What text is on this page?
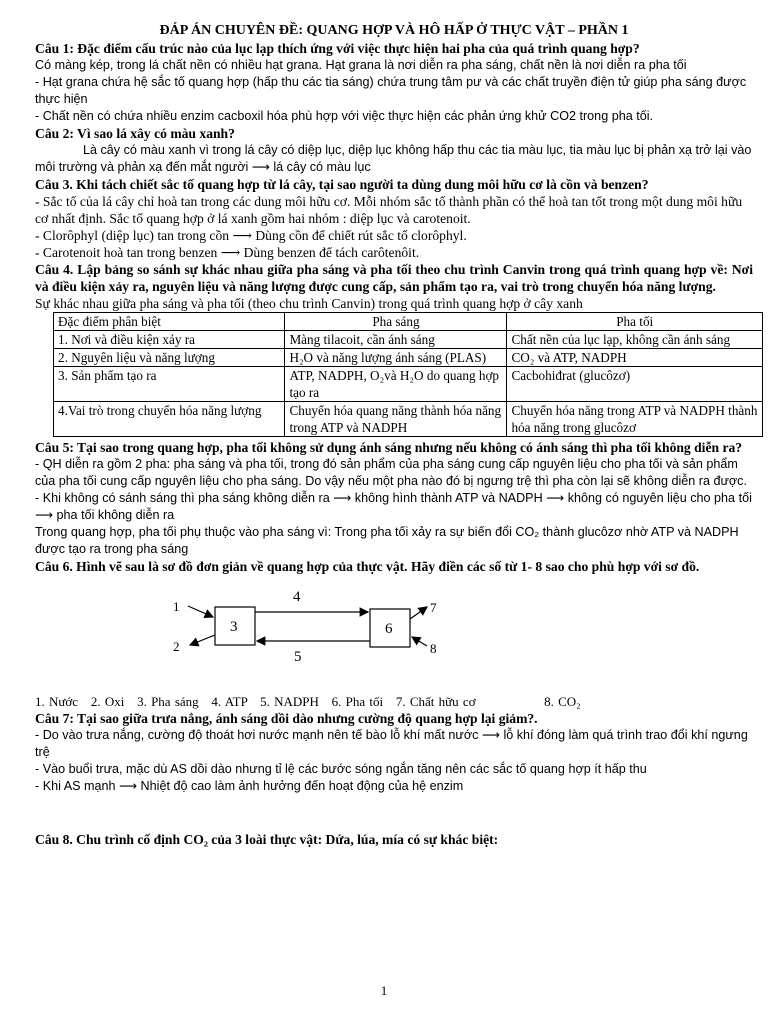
ĐÁP ÁN CHUYÊN ĐỀ: QUANG HỢP VÀ HÔ HẤP Ở THỰC VẬT – PHẦN 1

Câu 1: Đặc điểm cấu trúc nào của lục lạp thích ứng với việc thực hiện hai pha của quá trình quang hợp?

Có màng kép, trong lá chất nền có nhiều hạt grana. Hạt grana là nơi diễn ra pha sáng, chất nền là nơi diễn ra pha tối

- Hạt grana chứa hệ sắc tố quang hợp (hấp thu các tia sáng) chứa trung tâm pư và các chất truyền điện tử giúp pha sáng được thực hiện

- Chất nền có chứa nhiều enzim cacboxil hóa phù hợp với việc thực hiện các phản ứng khử CO2 trong pha tối.

Câu 2: Vì sao lá xây có màu xanh?

Là cây có màu xanh vì trong lá cây có diệp lục, diệp lục không hấp thu các tia màu lục, tia màu lục bị phản xạ trở lại vào môi trường và phản xạ đến mắt người ⟶ lá cây có màu lục

Câu 3. Khi tách chiết sắc tố quang hợp từ lá cây, tại sao người ta dùng dung môi hữu cơ là cồn và benzen?

- Sắc tố của lá cây chỉ hoà tan trong các dung môi hữu cơ. Mỗi nhóm sắc tố thành phần có thể hoà tan tốt trong một dung môi hữu cơ nhất định. Sắc tố quang hợp ở lá xanh gồm hai nhóm : diệp lục và carotenoit.

- Clorôphyl (diệp lục) tan trong cồn ⟶ Dùng cồn để chiết rút sắc tố clorôphyl.

- Carotenoit hoà tan trong benzen ⟶ Dùng benzen để tách carôtenôit.

Câu 4. Lập bảng so sánh sự khác nhau giữa pha sáng và pha tối theo chu trình Canvin trong quá trình quang hợp về: Nơi và điều kiện xảy ra, nguyên liệu và năng lượng được cung cấp, sản phẩm tạo ra, vai trò trong chuyển hóa năng lượng.

Sự khác nhau giữa pha sáng và pha tối (theo chu trình Canvin) trong quá trình quang hợp ở cây xanh

Đặc điểm phân biệt	Pha sáng	Pha tối
1. Nơi và điều kiện xảy ra	Màng tilacoit, cần ánh sáng	Chất nền của lục lạp, không cần ánh sáng
2. Nguyên liệu và năng lượng	H₂O và năng lượng ánh sáng (PLAS)	CO₂ và ATP, NADPH
3. Sản phẩm tạo ra	ATP, NADPH, O₂và H₂O do quang hợp tạo ra	Cacbohiđrat (glucôzơ)
4.Vai trò trong chuyển hóa năng lượng	Chuyển hóa quang năng thành hóa năng trong ATP và NADPH	Chuyển hóa năng trong ATP và NADPH thành hóa năng trong glucôzơ

Câu 5: Tại sao trong quang hợp, pha tối không sử dụng ánh sáng nhưng nếu không có ánh sáng thì pha tối không diễn ra?

- QH diễn ra gồm 2 pha: pha sáng và pha tối, trong đó sản phẩm của pha sáng cung cấp nguyên liệu cho pha tối và sản phẩm của pha tối cung cấp nguyên liệu cho pha sáng. Do vậy nếu một pha nào đó bị ngưng trệ thì pha còn lại sẽ không diễn ra được.

- Khi không có sánh sáng thì pha sáng không diễn ra ⟶ không hình thành ATP và NADPH ⟶ không có nguyên liệu cho pha tối ⟶ pha tối không diễn ra

Trong quang hợp, pha tối phụ thuộc vào pha sáng vì: Trong pha tối xảy ra sự biến đổi CO₂ thành glucôzơ nhờ ATP và NADPH được tạo ra trong pha sáng

Câu 6. Hình vẽ sau là sơ đồ đơn giản về quang hợp của thực vật. Hãy điền các số từ 1- 8 sao cho phù hợp với sơ đồ.

1
2
3
4
5
6
7
8

1. Nước   2. Oxi   3. Pha sáng   4. ATP   5. NADPH   6. Pha tối   7. Chất hữu cơ	8. CO₂

Câu 7: Tại sao giữa trưa nắng, ánh sáng dồi dào nhưng cường độ quang hợp lại giảm?.

- Do vào trưa nắng, cường độ thoát hơi nước mạnh nên tế bào lỗ khí mất nước ⟶ lỗ khí đóng làm quá trình trao đổi khí ngưng trệ

- Vào buổi trưa, mặc dù AS dồi dào nhưng tỉ lệ các bước sóng ngắn tăng nên các sắc tố quang hợp ít hấp thu

- Khi AS mạnh ⟶ Nhiệt độ cao làm ảnh hưởng đến hoạt động của hệ enzim

Câu 8. Chu trình cố định CO₂ của 3 loài thực vật: Dứa, lúa, mía có sự khác biệt:

1
